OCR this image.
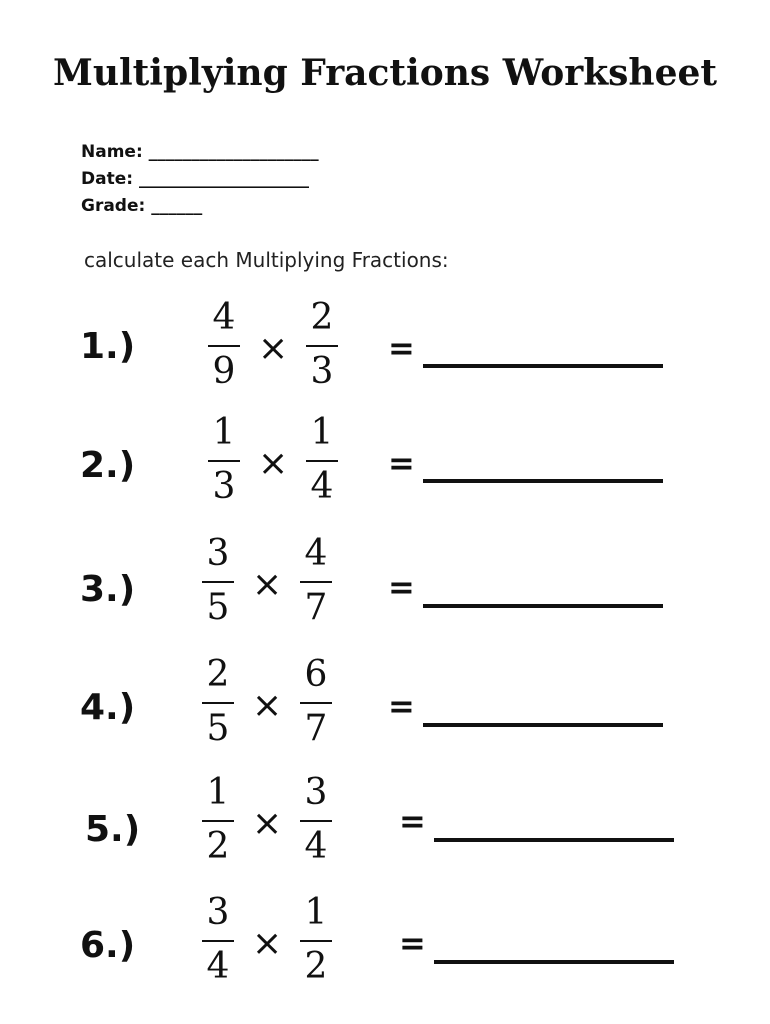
Multiplying Fractions Worksheet
Name: ____________________
Date: ____________________
Grade: ______
calculate each Multiplying Fractions:
1.)
4
9
×
2
3
=
2.)
1
3
×
1
4
=
3.)
3
5
×
4
7 =
4.)
2
5
×
6
7
=
5.)
1
2
×
3
4
=
6.)
3
4
×
1
2
=
